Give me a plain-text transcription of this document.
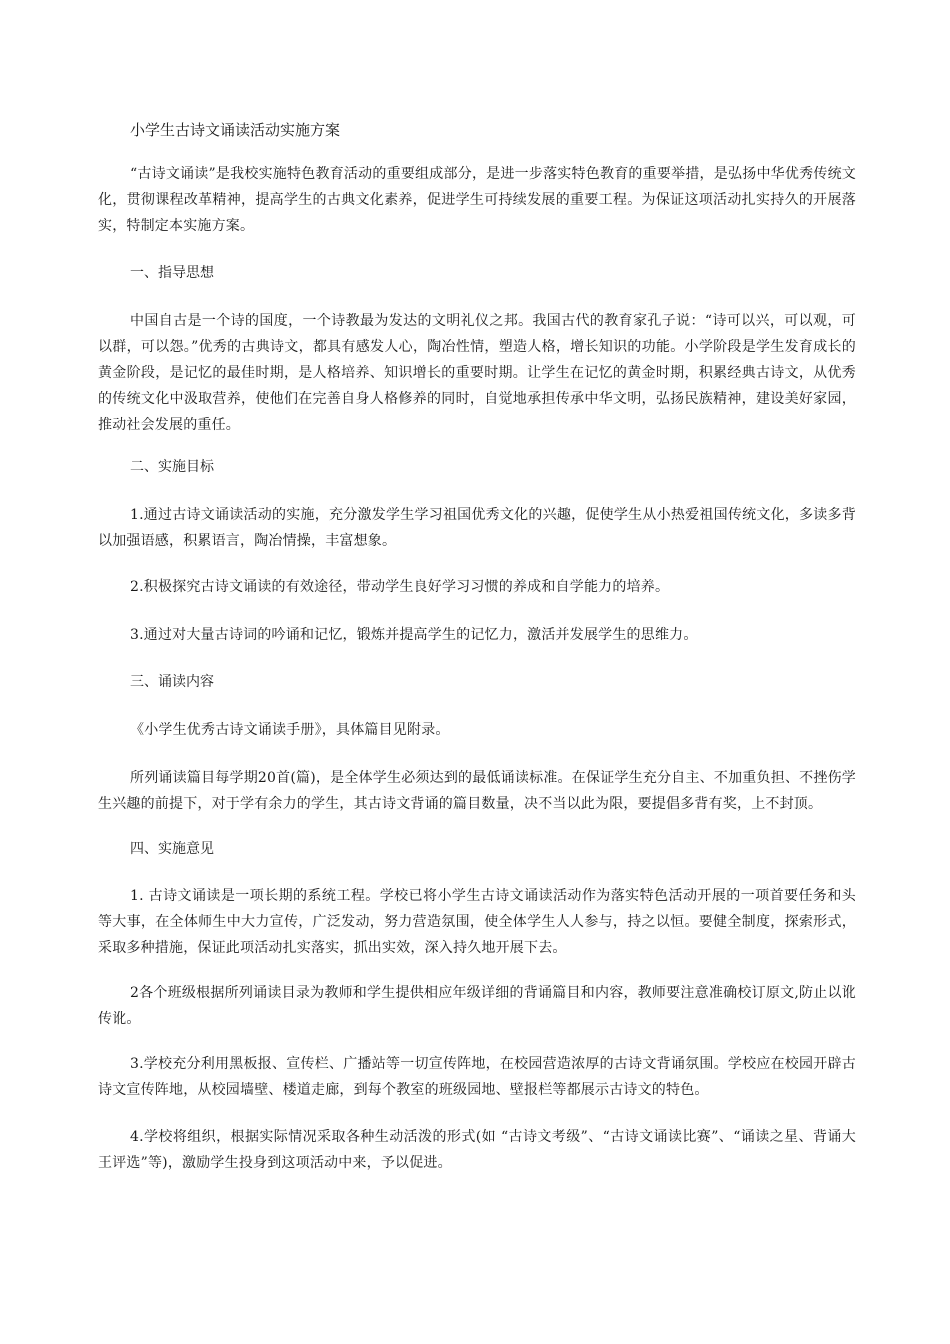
小学生古诗文诵读活动实施方案
“古诗文诵读”是我校实施特色教育活动的重要组成部分，是进一步落实特色教育的重要举措，是弘扬中华优秀传统文化，贯彻课程改革精神，提高学生的古典文化素养，促进学生可持续发展的重要工程。为保证这项活动扎实持久的开展落实，特制定本实施方案。
一、指导思想
中国自古是一个诗的国度，一个诗教最为发达的文明礼仪之邦。我国古代的教育家孔子说：“诗可以兴，可以观，可以群，可以怨。”优秀的古典诗文，都具有感发人心，陶冶性情，塑造人格，增长知识的功能。小学阶段是学生发育成长的黄金阶段，是记忆的最佳时期，是人格培养、知识增长的重要时期。让学生在记忆的黄金时期，积累经典古诗文，从优秀的传统文化中汲取营养，使他们在完善自身人格修养的同时，自觉地承担传承中华文明，弘扬民族精神，建设美好家园，推动社会发展的重任。
二、实施目标
1.通过古诗文诵读活动的实施，充分激发学生学习祖国优秀文化的兴趣，促使学生从小热爱祖国传统文化，多读多背以加强语感，积累语言，陶冶情操，丰富想象。
2.积极探究古诗文诵读的有效途径，带动学生良好学习习惯的养成和自学能力的培养。
3.通过对大量古诗词的吟诵和记忆，锻炼并提高学生的记忆力，激活并发展学生的思维力。
三、诵读内容
《小学生优秀古诗文诵读手册》，具体篇目见附录。
所列诵读篇目每学期20首(篇)，是全体学生必须达到的最低诵读标准。在保证学生充分自主、不加重负担、不挫伤学生兴趣的前提下，对于学有余力的学生，其古诗文背诵的篇目数量，决不当以此为限，要提倡多背有奖，上不封顶。
四、实施意见
1. 古诗文诵读是一项长期的系统工程。学校已将小学生古诗文诵读活动作为落实特色活动开展的一项首要任务和头等大事，在全体师生中大力宣传，广泛发动，努力营造氛围，使全体学生人人参与，持之以恒。要健全制度，探索形式，采取多种措施，保证此项活动扎实落实，抓出实效，深入持久地开展下去。
2各个班级根据所列诵读目录为教师和学生提供相应年级详细的背诵篇目和内容，教师要注意准确校订原文,防止以讹传讹。
3.学校充分利用黑板报、宣传栏、广播站等一切宣传阵地，在校园营造浓厚的古诗文背诵氛围。学校应在校园开辟古诗文宣传阵地，从校园墙壁、楼道走廊，到每个教室的班级园地、壁报栏等都展示古诗文的特色。
4.学校将组织，根据实际情况采取各种生动活泼的形式(如 “古诗文考级”、“古诗文诵读比赛”、“诵读之星、背诵大王评选”等)，激励学生投身到这项活动中来，予以促进。
